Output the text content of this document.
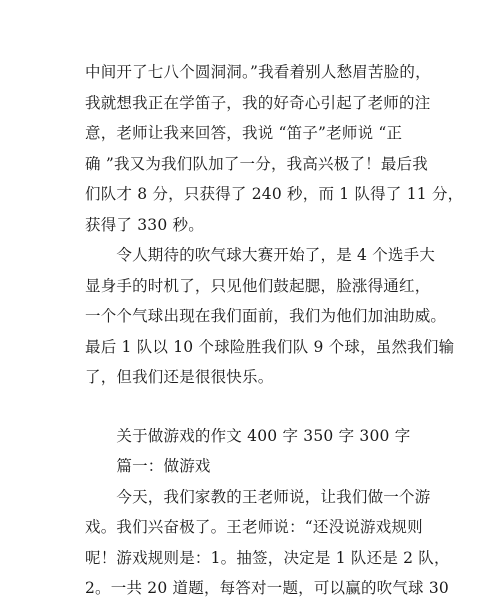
中间开了七八个圆洞洞。”我看着别人愁眉苦脸的，
我就想我正在学笛子，我的好奇心引起了老师的注
意，老师让我来回答，我说 “笛子”老师说 “正
确 ”我又为我们队加了一分，我高兴极了！最后我
们队才 8 分，只获得了 240 秒，而 1 队得了 11 分，
获得了 330 秒。
　　令人期待的吹气球大赛开始了，是 4 个选手大
显身手的时机了，只见他们鼓起腮，脸涨得通红，
一个个气球出现在我们面前，我们为他们加油助威。
最后 1 队以 10 个球险胜我们队 9 个球，虽然我们输
了，但我们还是很很快乐。
　　关于做游戏的作文 400 字 350 字 300 字
　　篇一：做游戏
　　今天，我们家教的王老师说，让我们做一个游
戏。我们兴奋极了。王老师说：“还没说游戏规则
呢！游戏规则是：1。抽签，决定是 1 队还是 2 队，
2。一共 20 道题，每答对一题，可以赢的吹气球 30
